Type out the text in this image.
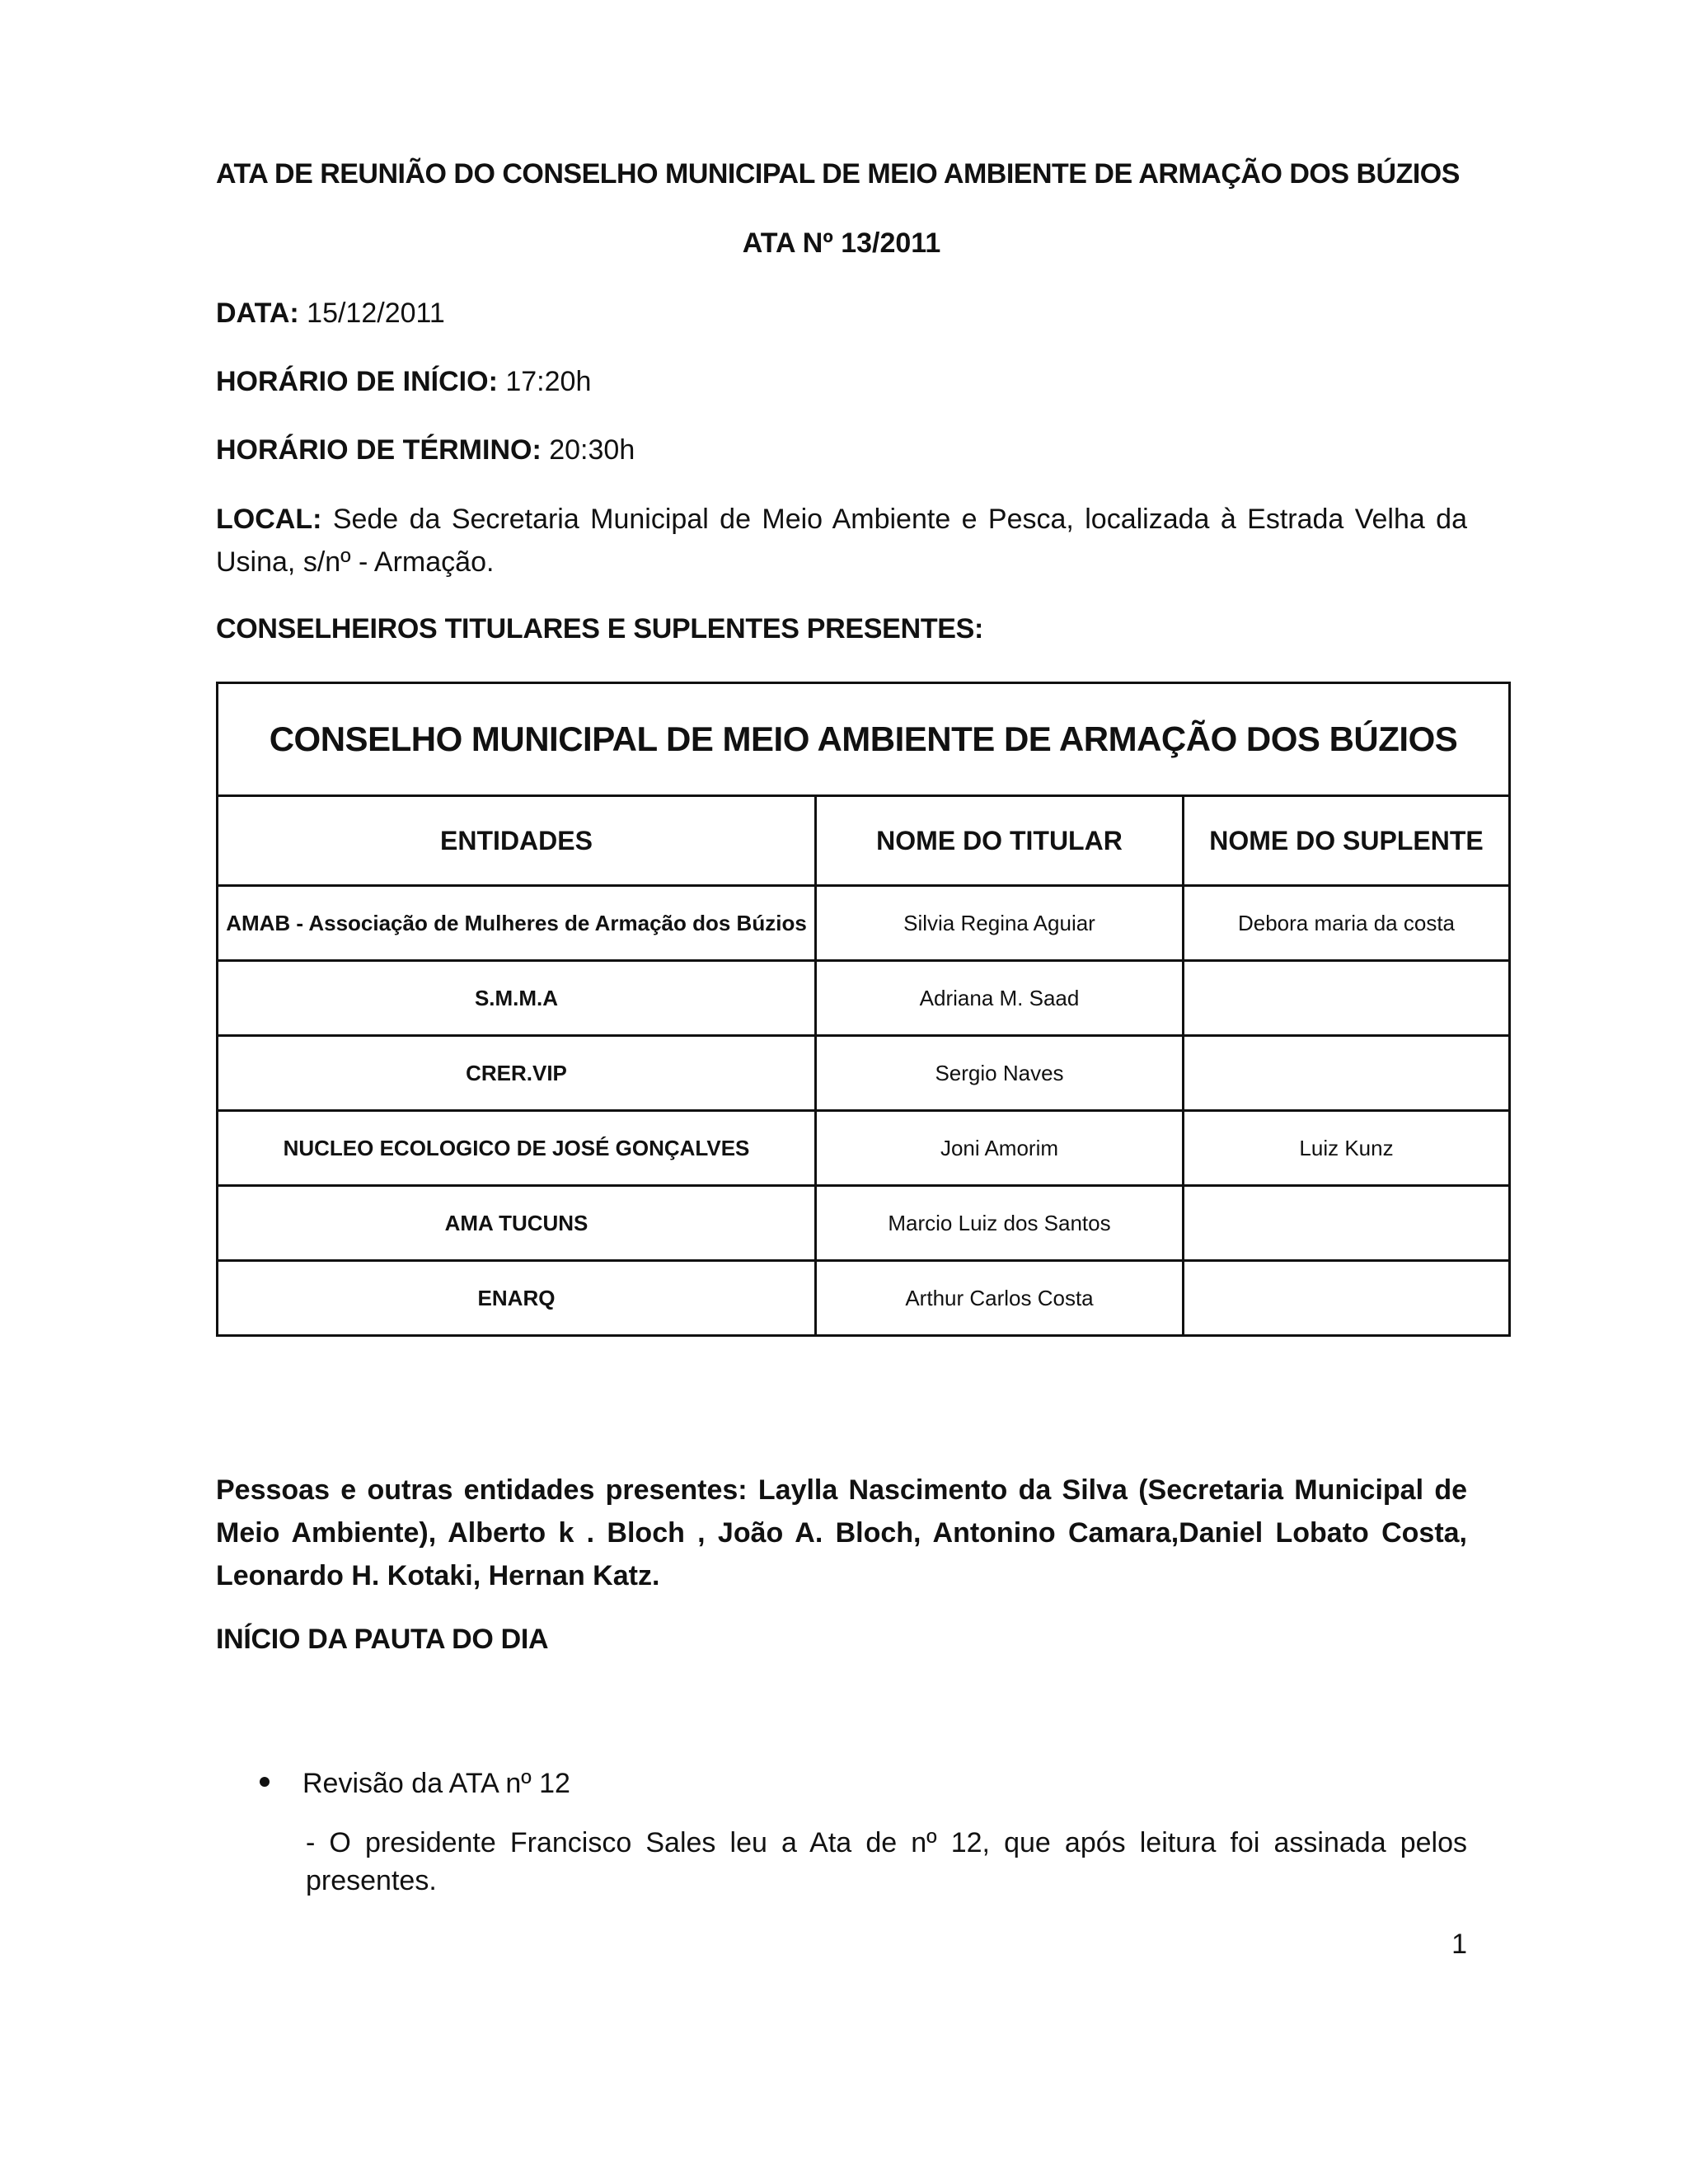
ATA DE REUNIÃO DO CONSELHO MUNICIPAL DE MEIO AMBIENTE DE ARMAÇÃO DOS BÚZIOS
ATA Nº 13/2011
DATA: 15/12/2011
HORÁRIO DE INÍCIO: 17:20h
HORÁRIO DE TÉRMINO: 20:30h
LOCAL: Sede da Secretaria Municipal de Meio Ambiente e Pesca, localizada à Estrada Velha da Usina, s/nº - Armação.
CONSELHEIROS TITULARES E SUPLENTES PRESENTES:
CONSELHO MUNICIPAL DE MEIO AMBIENTE DE ARMAÇÃO DOS BÚZIOS		
ENTIDADES	NOME DO TITULAR	NOME DO SUPLENTE
AMAB - Associação de Mulheres de Armação dos Búzios	Silvia Regina Aguiar	Debora maria da costa
S.M.M.A	Adriana M. Saad	
CRER.VIP	Sergio Naves	
NUCLEO ECOLOGICO DE JOSÉ GONÇALVES	Joni Amorim	Luiz Kunz
AMA TUCUNS	Marcio Luiz dos Santos	
ENARQ	Arthur Carlos Costa	
Pessoas e outras entidades presentes: Laylla Nascimento da Silva (Secretaria Municipal de Meio Ambiente), Alberto k . Bloch , João A. Bloch, Antonino Camara,Daniel Lobato Costa, Leonardo H. Kotaki, Hernan Katz.
INÍCIO DA PAUTA DO DIA
Revisão da ATA nº 12
- O presidente Francisco Sales leu a Ata de nº 12, que após leitura foi assinada pelos presentes.
1
